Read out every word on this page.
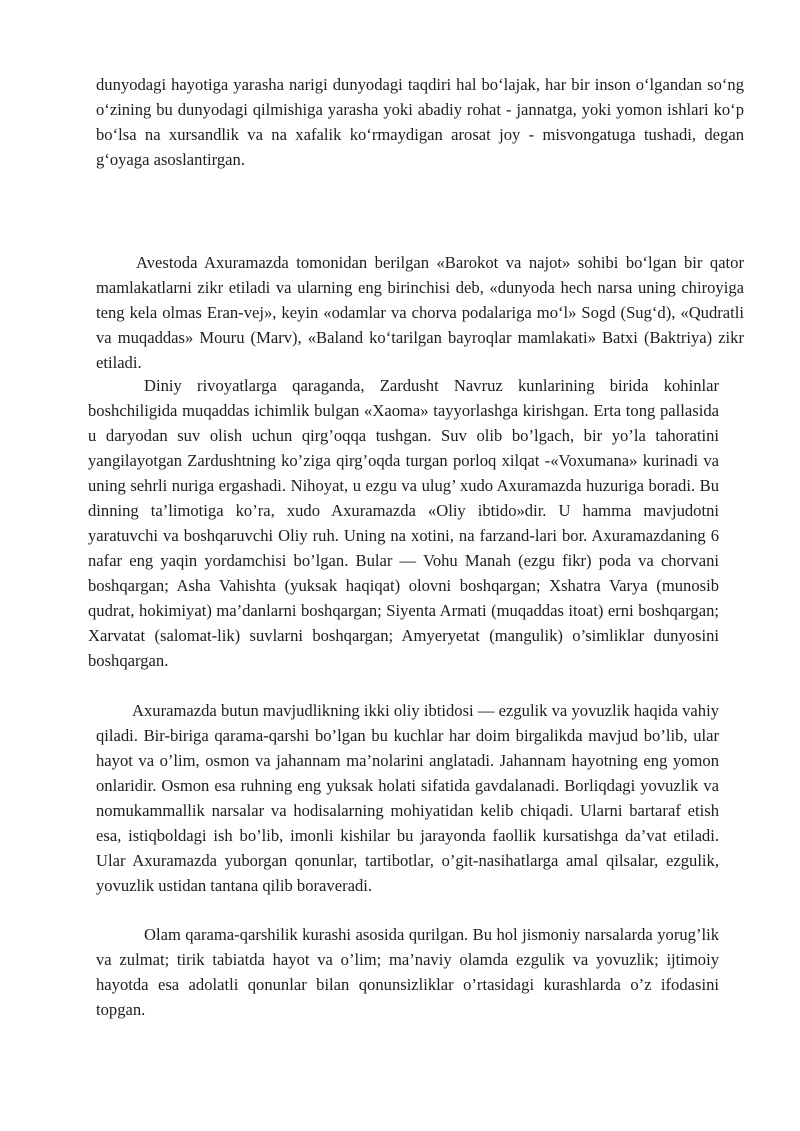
dunyodagi hayotiga yarasha narigi dunyodagi taqdiri hal bo‘lajak, har bir inson o‘lgandan so‘ng o‘zining bu dunyodagi qilmishiga yarasha yoki abadiy rohat - jannatga, yoki yomon ishlari ko‘p bo‘lsa na xursandlik va na xafalik ko‘rmaydigan arosat joy - misvongatuga tushadi, degan g‘oyaga asoslantirgan.

Avestoda Axuramazda tomonidan berilgan «Barokot va najot» sohibi bo‘lgan bir qator mamlakatlarni zikr etiladi va ularning eng birinchisi deb, «dunyoda hech narsa uning chiroyiga teng kela olmas Eran-vej», keyin «odamlar va chorva podalariga mo‘l» Sogd (Sug‘d), «Qudratli va muqaddas» Mouru (Marv), «Baland ko‘tarilgan bayroqlar mamlakati» Batxi (Baktriya) zikr etiladi.

Diniy rivoyatlarga qaraganda, Zardusht Navruz kunlarining birida kohinlar boshchiligida muqaddas ichimlik bulgan «Xaoma» tayyorlashga kirishgan. Erta tong pallasida u daryodan suv olish uchun qirg’oqqa tushgan. Suv olib bo’lgach, bir yo’la tahoratini yangilayotgan Zardushtning ko’ziga qirg’oqda turgan porloq xilqat -«Voxumana» kurinadi va uning sehrli nuriga ergashadi. Nihoyat, u ezgu va ulug’ xudo Axuramazda huzuriga boradi. Bu dinning ta’limotiga ko’ra, xudo Axuramazda «Oliy ibtido»dir. U hamma mavjudotni yaratuvchi va boshqaruvchi Oliy ruh. Uning na xotini, na farzand-lari bor. Axuramazdaning 6 nafar eng yaqin yordamchisi bo’lgan. Bular — Vohu Manah (ezgu fikr) poda va chorvani boshqargan; Asha Vahishta (yuksak haqiqat) olovni boshqargan; Xshatra Varya (munosib qudrat, hokimiyat) ma’danlarni boshqargan; Siyenta Armati (muqaddas itoat) erni boshqargan; Xarvatat (salomat-lik) suvlarni boshqargan; Amyeryetat (mangulik) o’simliklar dunyosini boshqargan.

Axuramazda butun mavjudlikning ikki oliy ibtidosi — ezgulik va yovuzlik haqida vahiy qiladi. Bir-biriga qarama-qarshi bo’lgan bu kuchlar har doim birgalikda mavjud bo’lib, ular hayot va o’lim, osmon va jahannam ma’nolarini anglatadi. Jahannam hayotning eng yomon onlaridir. Osmon esa ruhning eng yuksak holati sifatida gavdalanadi. Borliqdagi yovuzlik va nomukammallik narsalar va hodisalarning mohiyatidan kelib chiqadi. Ularni bartaraf etish esa, istiqboldagi ish bo’lib, imonli kishilar bu jarayonda faollik kursatishga da’vat etiladi. Ular Axuramazda yuborgan qonunlar, tartibotlar, o’git-nasihatlarga amal qilsalar, ezgulik, yovuzlik ustidan tantana qilib boraveradi.

Olam qarama-qarshilik kurashi asosida qurilgan. Bu hol jismoniy narsalarda yorug’lik va zulmat; tirik tabiatda hayot va o’lim; ma’naviy olamda ezgulik va yovuzlik; ijtimoiy hayotda esa adolatli qonunlar bilan qonunsizliklar o’rtasidagi kurashlarda o’z ifodasini topgan.
